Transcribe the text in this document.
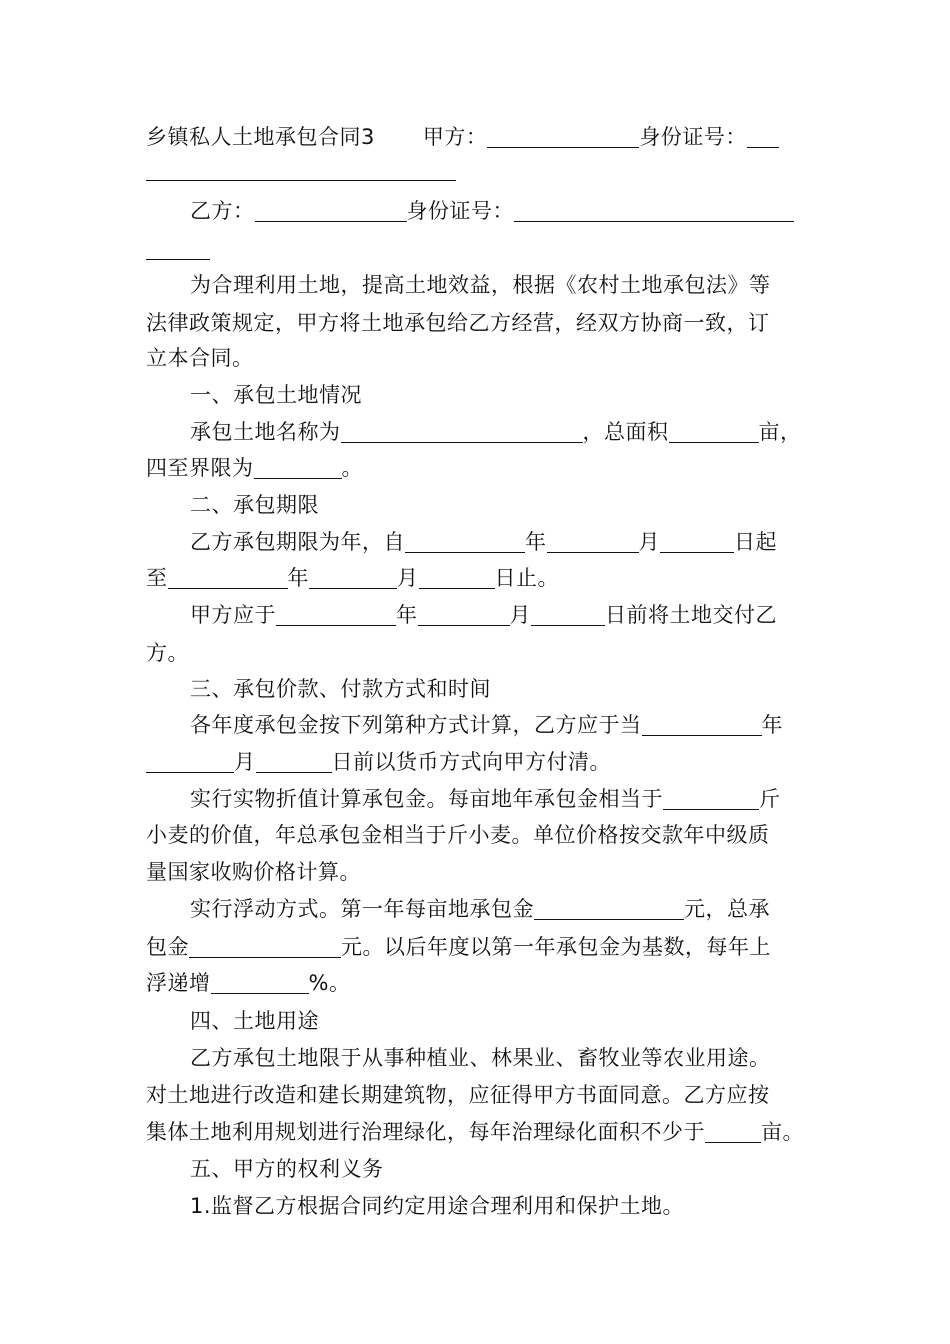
乡镇私人土地承包合同3 甲方：	身份证号：
乙方：	身份证号：
为合理利用土地，提高土地效益，根据《农村土地承包法》等
法律政策规定，甲方将土地承包给乙方经营，经双方协商一致，订
立本合同。
一、承包土地情况
承包土地名称为	，总面积	亩，
四至界限为	。
二、承包期限
乙方承包期限为年，自	年	月	日起
至	年	月	日止。
甲方应于	年	月	日前将土地交付乙
方。
三、承包价款、付款方式和时间
各年度承包金按下列第种方式计算，乙方应于当	年
月	日前以货币方式向甲方付清。
实行实物折值计算承包金。每亩地年承包金相当于	斤
小麦的价值，年总承包金相当于斤小麦。单位价格按交款年中级质
量国家收购价格计算。
实行浮动方式。第一年每亩地承包金	元，总承
包金	元。以后年度以第一年承包金为基数，每年上
浮递增	%。
四、土地用途
乙方承包土地限于从事种植业、林果业、畜牧业等农业用途。
对土地进行改造和建长期建筑物，应征得甲方书面同意。乙方应按
集体土地利用规划进行治理绿化，每年治理绿化面积不少于	亩。
五、甲方的权利义务
1.监督乙方根据合同约定用途合理利用和保护土地。
